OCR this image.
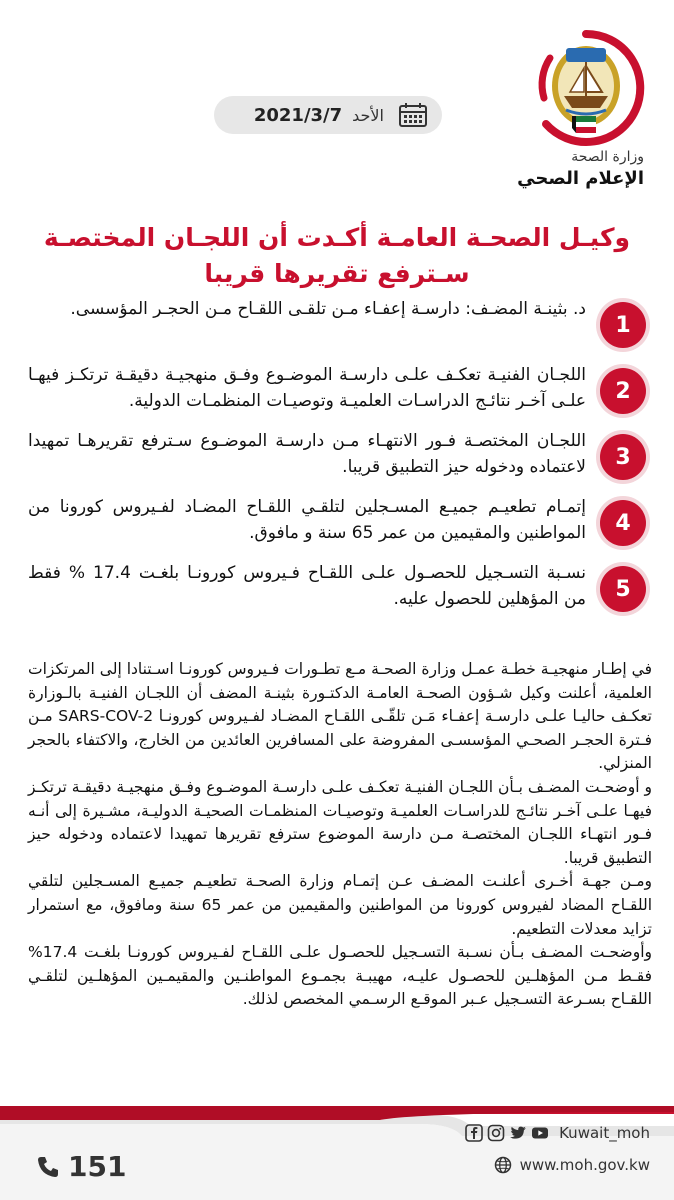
وزارة الصحة
الإعلام الصحي
الأحد
2021/3/7
وكيـل الصحـة العامـة أكـدت أن اللجـان المختصـة سـترفع تقريرها قريبا
1
د. بثينـة المضـف: دارسـة إعفـاء مـن تلقـى اللقـاح مـن الحجـر المؤسسى.
2
اللجـان الفنيـة تعكـف علـى دارسـة الموضـوع وفـق منهجيـة دقيقـة ترتكـز فيهـا علـى آخـر نتائـج الدراسـات العلميـة وتوصيـات المنظمـات الدولية.
3
اللجـان المختصـة فـور الانتهـاء مـن دارسـة الموضـوع سـترفع تقريرهـا تمهيدا لاعتماده ودخوله حيز التطبيق قريبا.
4
إتمـام تطعيـم جميـع المسـجلين لتلقـي اللقـاح المضـاد لفـيروس كورونا من المواطنين والمقيمين من عمر 65 سنة و مافوق.
5
نسـبة التسـجيل للحصـول علـى اللقـاح فـيروس كورونـا بلغـت 17.4 % فقط من المؤهلين للحصول عليه.

في إطـار منهجيـة خطـة عمـل وزارة الصحـة مـع تطـورات فـيروس كورونـا اسـتنادا إلى المرتكزات العلمية، أعلنت وكيل شـؤون الصحـة العامـة الدكتـورة بثينـة المضف أن اللجـان الفنيـة بالـوزارة تعكـف حاليـا علـى دارسـة إعفـاء مَـن تلقّـى اللقـاح المضـاد لفـيروس كورونـا SARS-COV-2 مـن فـترة الحجـر الصحـي المؤسسـى المفروضة على المسافرين العائدين من الخارج، والاكتفاء بالحجر المنزلي.

و أوضحـت المضـف بـأن اللجـان الفنيـة تعكـف علـى دارسـة الموضـوع وفـق منهجيـة دقيقـة ترتكـز فيهـا علـى آخـر نتائـج للدراسـات العلميـة وتوصيـات المنظمـات الصحيـة الدوليـة، مشـيرة إلى أنـه فـور انتهـاء اللجـان المختصـة مـن دارسة الموضوع سترفع تقريرها تمهيدا لاعتماده ودخوله حيز التطبيق قريبا.

ومـن جهـة أخـرى أعلنـت المضـف عـن إتمـام وزارة الصحـة تطعيـم جميـع المسـجلين لتلقي اللقـاح المضاد لفيروس كورونا من المواطنين والمقيمين من عمر 65 سنة ومافوق، مع استمرار تزايد معدلات التطعيم.

وأوضحـت المضـف بـأن نسـبة التسـجيل للحصـول علـى اللقـاح لفـيروس كورونـا بلغـت 17.4% فقـط مـن المؤهلـين للحصـول عليـه، مهيبـة بجمـوع المواطنـين والمقيمـين المؤهلـين لتلقـي اللقـاح بسـرعة التسـجيل عـبر الموقـع الرسـمي المخصص لذلك.

151
Kuwait_moh
www.moh.gov.kw
